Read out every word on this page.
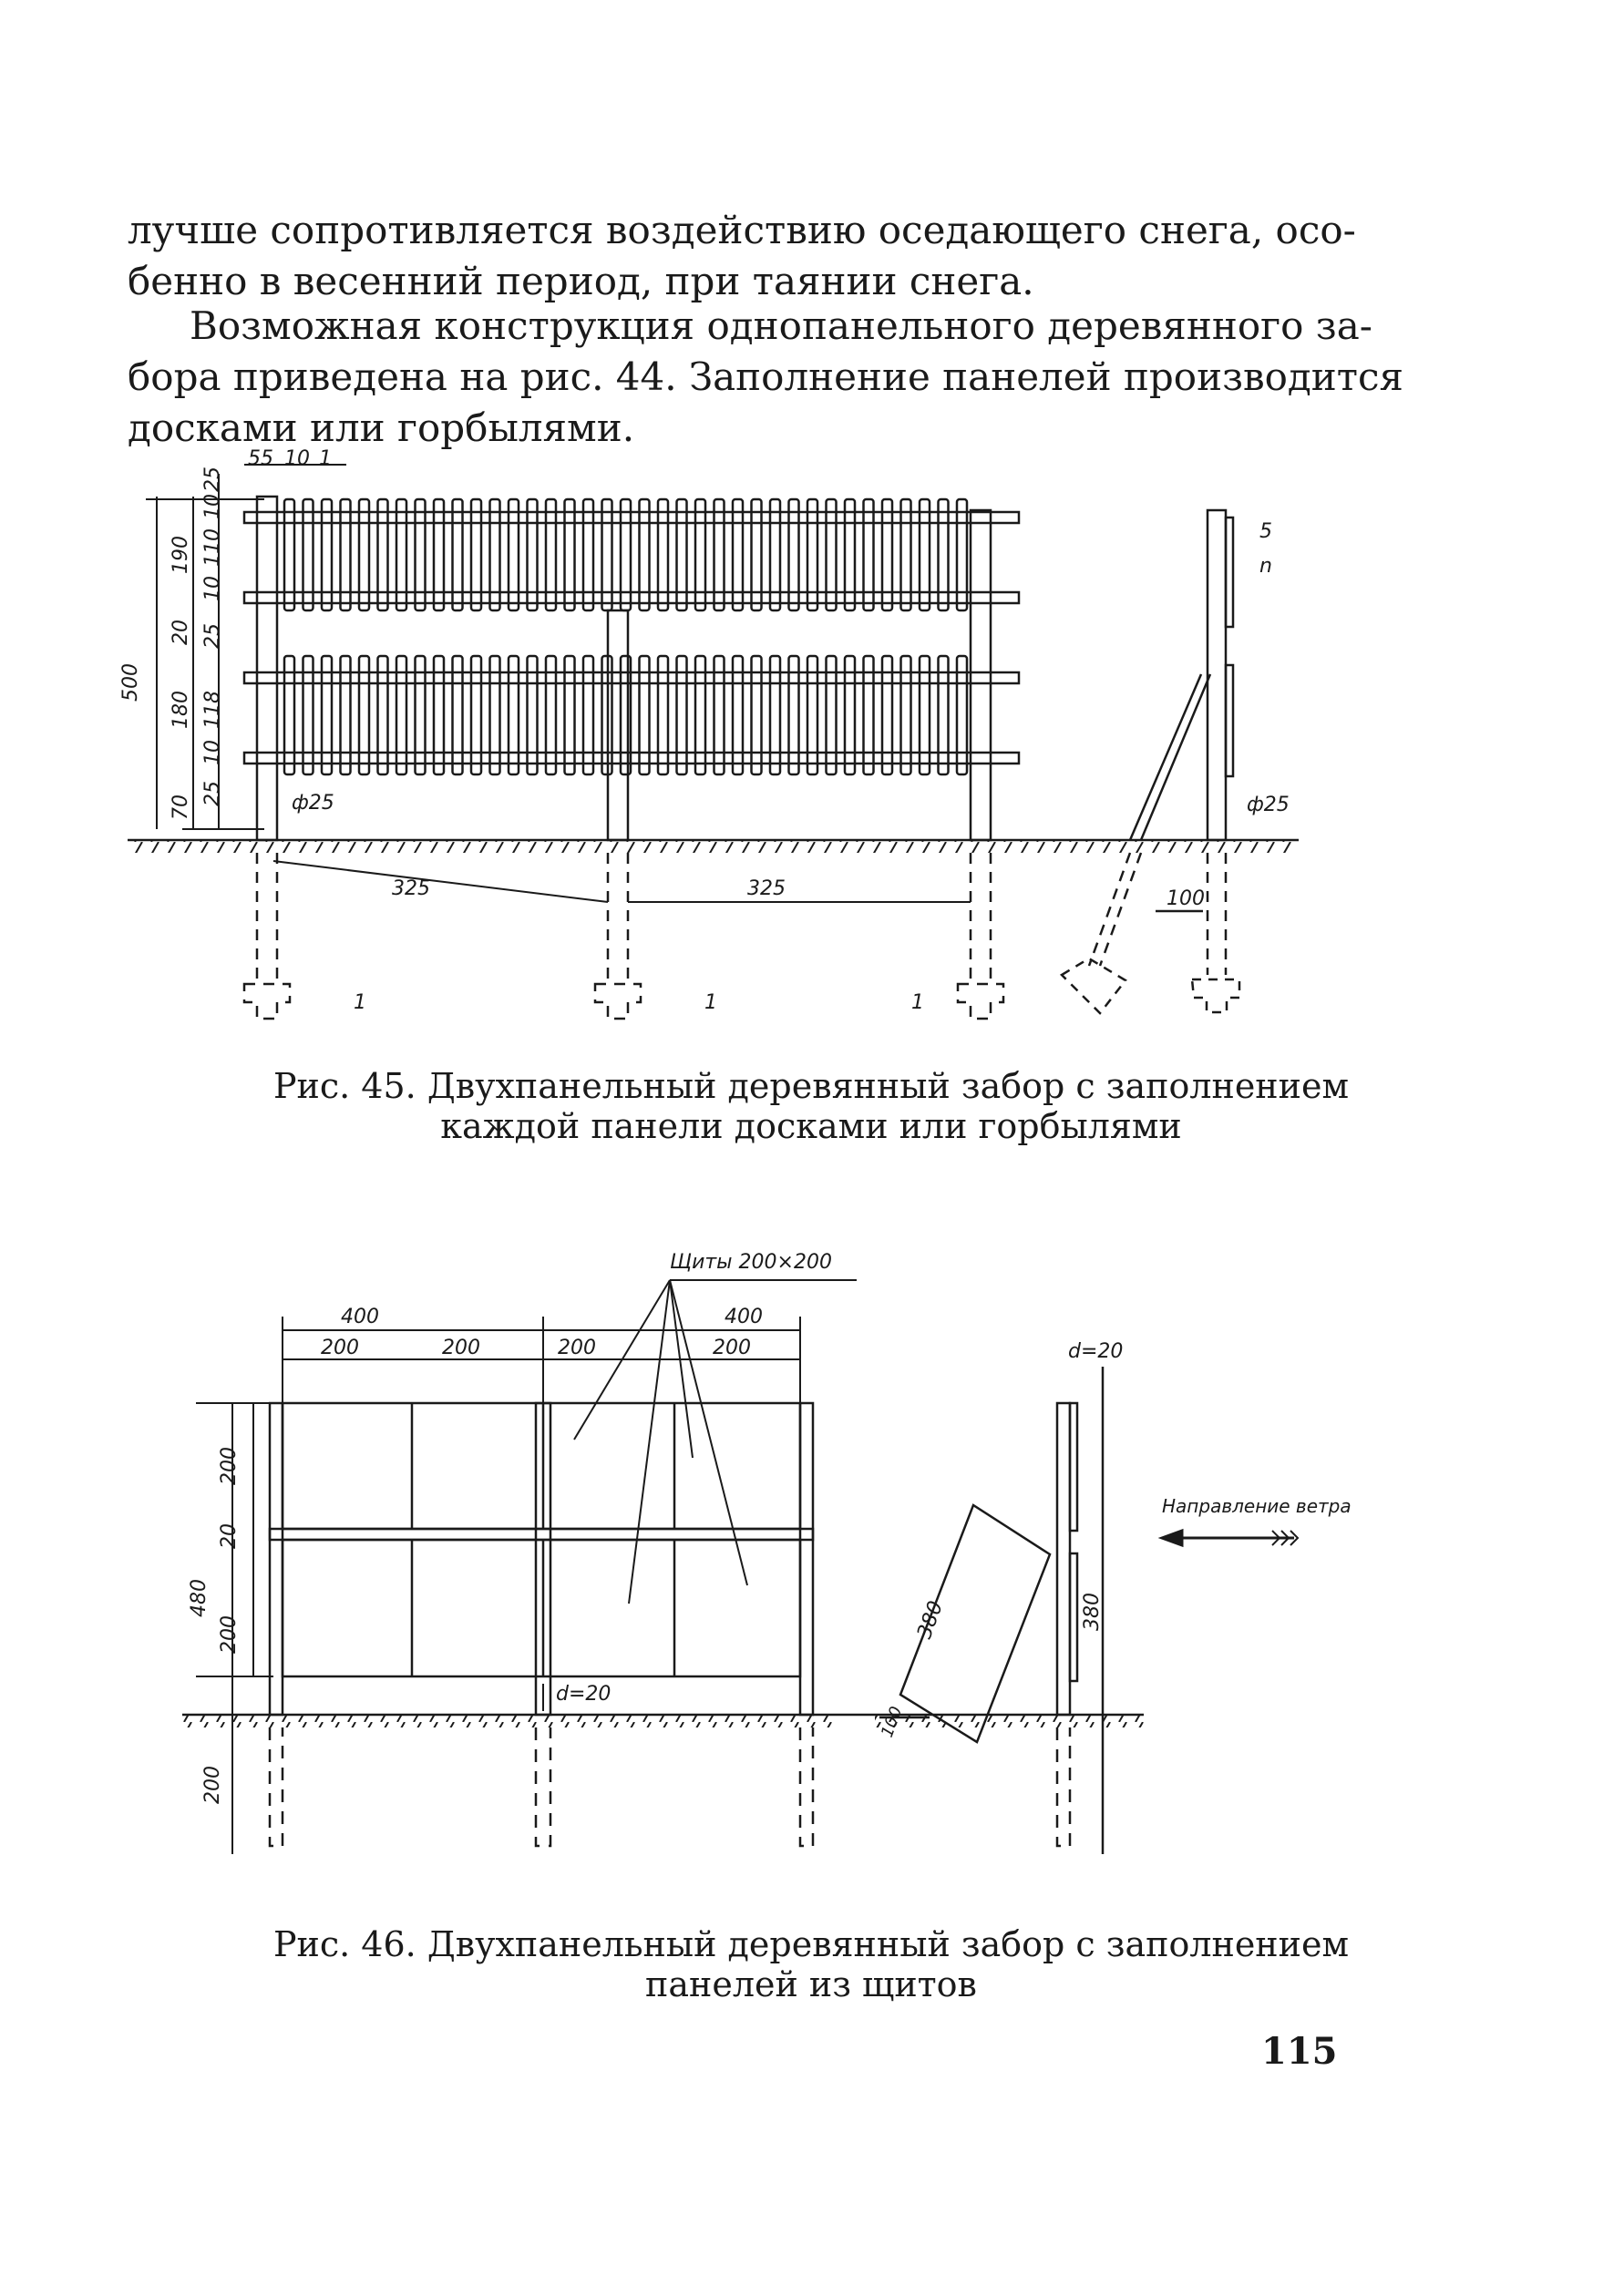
лучше сопротивляется воздействию оседающего снега, осо-
бенно в весенний период, при таянии снега.

Возможная конструкция однопанельного деревянного за-
бора приведена на рис. 44. Заполнение панелей производится
досками или горбылями.

55 10 1
500
190 110
10
10
20
25
25
180 118
10
25
70	ф25	ф25
325	325	100
5
n
1	1	1
Щиты 200×200
400	400
200	200	200	200
200
20
480
200
200
d=20
d=20
380	380
100
Направление ветра
Рис. 45. Двухпанельный деревянный забор с заполнением
каждой панели досками или горбылями
Рис. 46. Двухпанельный деревянный забор с заполнением
панелей из щитов
115
